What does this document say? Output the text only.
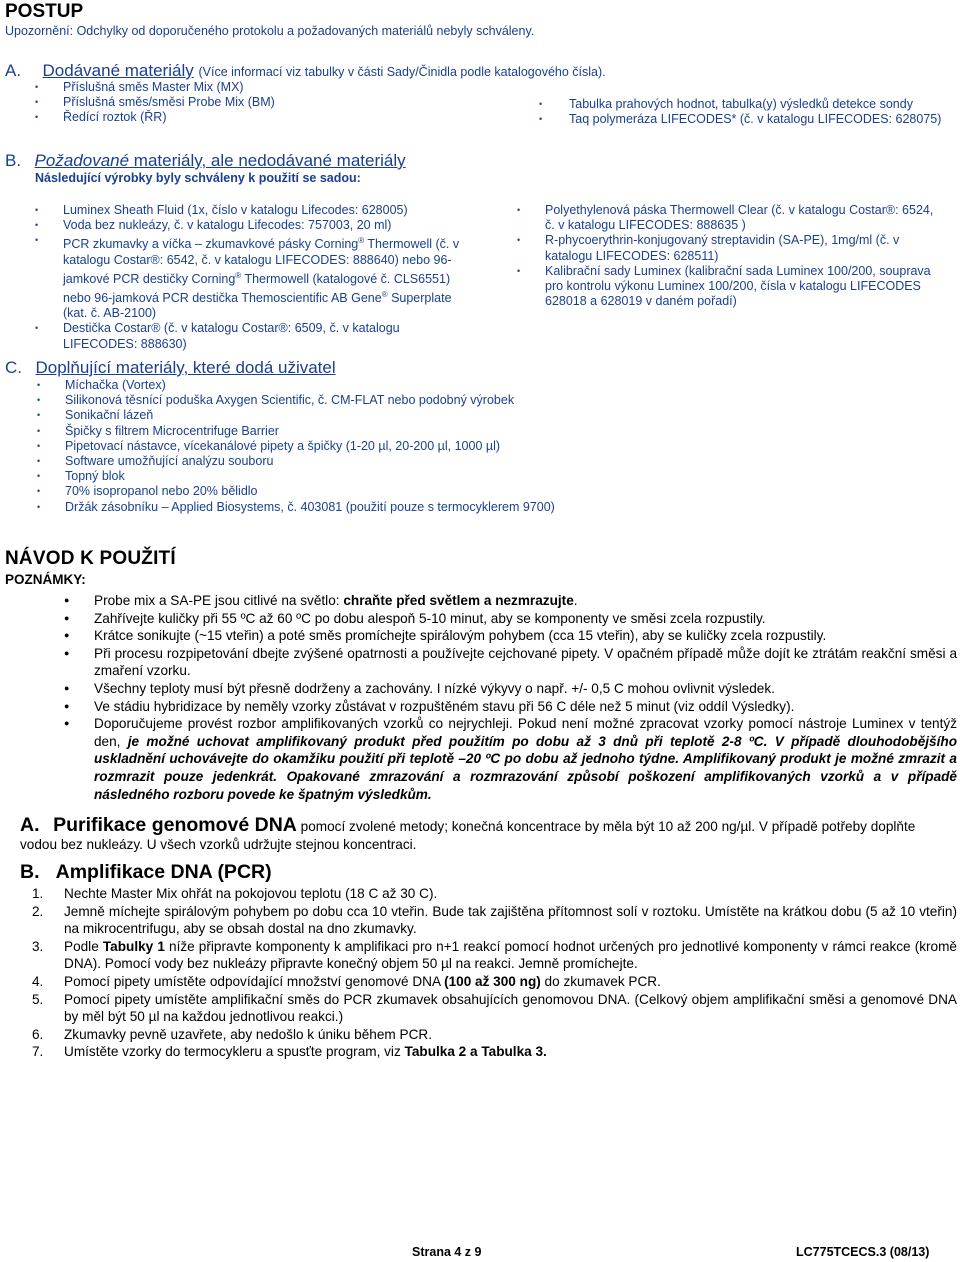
POSTUP
Upozornění: Odchylky od doporučeného protokolu a požadovaných materiálů nebyly schváleny.
A. Dodávané materiály (Více informací viz tabulky v části Sady/Činidla podle katalogového čísla).
• Příslušná směs Master Mix (MX)
• Příslušná směs/směsi Probe Mix (BM)
• Ředící roztok (ŘR)
• Tabulka prahových hodnot, tabulka(y) výsledků detekce sondy
• Taq polymeráza LIFECODES* (č. v katalogu LIFECODES: 628075)
B. Požadované materiály, ale nedodávané materiály
Následující výrobky byly schváleny k použití se sadou:
• Luminex Sheath Fluid (1x, číslo v katalogu Lifecodes: 628005)
• Voda bez nukleázy, č. v katalogu Lifecodes: 757003, 20 ml)
• PCR zkumavky a víčka – zkumavkové pásky Corning® Thermowell (č. v katalogu Costar®: 6542, č. v katalogu LIFECODES: 888640) nebo 96-jamkové PCR destičky Corning® Thermowell (katalogové č. CLS6551) nebo 96-jamková PCR destička Themoscientific AB Gene® Superplate (kat. č. AB-2100)
• Destička Costar® (č. v katalogu Costar®: 6509, č. v katalogu LIFECODES: 888630)
• Polyethylenová páska Thermowell Clear (č. v katalogu Costar®: 6524, č. v katalogu LIFECODES: 888635 )
• R-phycoerythrin-konjugovaný streptavidin (SA-PE), 1mg/ml (č. v katalogu LIFECODES: 628511)
• Kalibrační sady Luminex (kalibrační sada Luminex 100/200, souprava pro kontrolu výkonu Luminex 100/200, čísla v katalogu LIFECODES 628018 a 628019 v daném pořadí)
C. Doplňující materiály, které dodá uživatel
• Míchačka (Vortex)
• Silikonová těsnící poduška Axygen Scientific, č. CM-FLAT nebo podobný výrobek
• Sonikační lázeň
• Špičky s filtrem Microcentrifuge Barrier
• Pipetovací nástavce, vícekanálové pipety a špičky (1-20 µl, 20-200 µl, 1000 µl)
• Software umožňující analýzu souboru
• Topný blok
• 70% isopropanol nebo 20% bělidlo
• Držák zásobníku – Applied Biosystems, č. 403081 (použití pouze s termocyklerem 9700)
NÁVOD K POUŽITÍ
POZNÁMKY:
● Probe mix a SA-PE jsou citlivé na světlo: chraňte před světlem a nezmrazujte.
● Zahřívejte kuličky při 55 ºC až 60 ºC po dobu alespoň 5-10 minut, aby se komponenty ve směsi zcela rozpustily.
● Krátce sonikujte (~15 vteřin) a poté směs promíchejte spirálovým pohybem (cca 15 vteřin), aby se kuličky zcela rozpustily.
● Při procesu rozpipetování dbejte zvýšené opatrnosti a používejte cejchované pipety. V opačném případě může dojít ke ztrátám reakční směsi a zmaření vzorku.
● Všechny teploty musí být přesně dodrženy a zachovány. I nízké výkyvy o např. +/- 0,5 C mohou ovlivnit výsledek.
● Ve stádiu hybridizace by neměly vzorky zůstávat v rozpuštěném stavu při 56 C déle než 5 minut (viz oddíl Výsledky).
● Doporučujeme provést rozbor amplifikovaných vzorků co nejrychleji. Pokud není možné zpracovat vzorky pomocí nástroje Luminex v tentýž den, je možné uchovat amplifikovaný produkt před použitím po dobu až 3 dnů při teplotě 2-8 ºC. V případě dlouhodobějšího uskladnění uchovávejte do okamžiku použití při teplotě –20 ºC po dobu až jednoho týdne. Amplifikovaný produkt je možné zmrazit a rozmrazit pouze jedenkrát. Opakované zmrazování a rozmrazování způsobí poškození amplifikovaných vzorků a v případě následného rozboru povede ke špatným výsledkům.
A. Purifikace genomové DNA pomocí zvolené metody; konečná koncentrace by měla být 10 až 200 ng/µl. V případě potřeby doplňte vodou bez nukleázy. U všech vzorků udržujte stejnou koncentraci.
B. Amplifikace DNA (PCR)
1. Nechte Master Mix ohřát na pokojovou teplotu (18 C až 30 C).
2. Jemně míchejte spirálovým pohybem po dobu cca 10 vteřin. Bude tak zajištěna přítomnost solí v roztoku. Umístěte na krátkou dobu (5 až 10 vteřin) na mikrocentrifugu, aby se obsah dostal na dno zkumavky.
3. Podle Tabulky 1 níže připravte komponenty k amplifikaci pro n+1 reakcí pomocí hodnot určených pro jednotlivé komponenty v rámci reakce (kromě DNA). Pomocí vody bez nukleázy připravte konečný objem 50 µl na reakci. Jemně promíchejte.
4. Pomocí pipety umístěte odpovídající množství genomové DNA (100 až 300 ng) do zkumavek PCR.
5. Pomocí pipety umístěte amplifikační směs do PCR zkumavek obsahujících genomovou DNA. (Celkový objem amplifikační směsi a genomové DNA by měl být 50 µl na každou jednotlivou reakci.)
6. Zkumavky pevně uzavřete, aby nedošlo k úniku během PCR.
7. Umístěte vzorky do termocykleru a spusťte program, viz Tabulka 2 a Tabulka 3.
Strana 4 z 9	LC775TCECS.3 (08/13)
